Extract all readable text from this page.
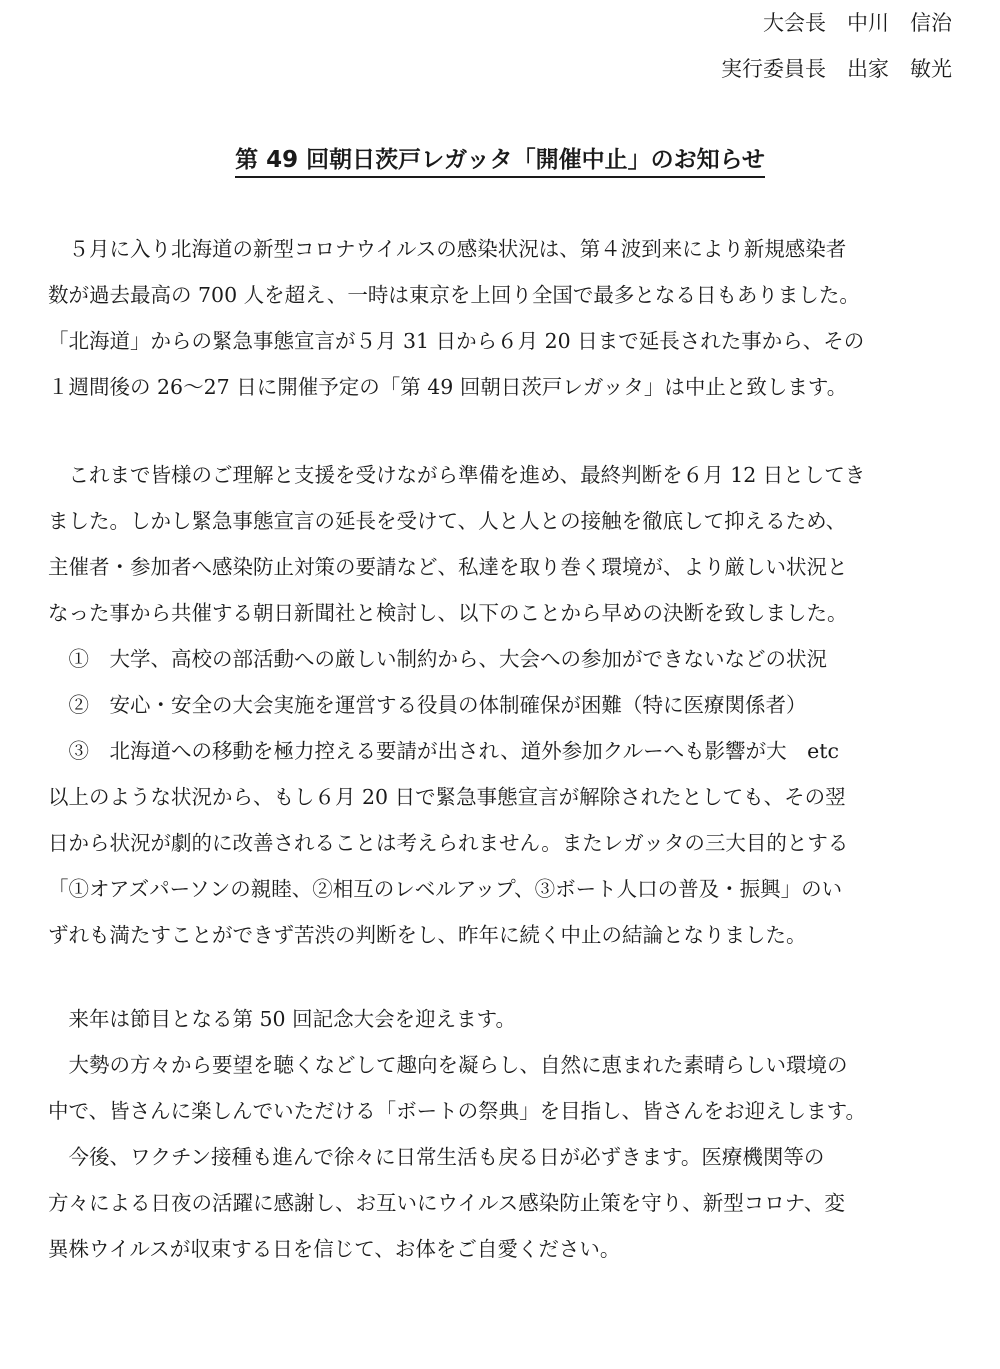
大会長　中川　信治
実行委員長　出家　敏光
第 49 回朝日茨戸レガッタ「開催中止」のお知らせ
　５月に入り北海道の新型コロナウイルスの感染状況は、第４波到来により新規感染者
数が過去最高の 700 人を超え、一時は東京を上回り全国で最多となる日もありました。
「北海道」からの緊急事態宣言が５月 31 日から６月 20 日まで延長された事から、その
１週間後の 26〜27 日に開催予定の「第 49 回朝日茨戸レガッタ」は中止と致します。
　これまで皆様のご理解と支援を受けながら準備を進め、最終判断を６月 12 日としてき
ました。しかし緊急事態宣言の延長を受けて、人と人との接触を徹底して抑えるため、
主催者・参加者へ感染防止対策の要請など、私達を取り巻く環境が、より厳しい状況と
なった事から共催する朝日新聞社と検討し、以下のことから早めの決断を致しました。
　①　大学、高校の部活動への厳しい制約から、大会への参加ができないなどの状況
　②　安心・安全の大会実施を運営する役員の体制確保が困難（特に医療関係者）
　③　北海道への移動を極力控える要請が出され、道外参加クルーへも影響が大　etc
以上のような状況から、もし６月 20 日で緊急事態宣言が解除されたとしても、その翌
日から状況が劇的に改善されることは考えられません。またレガッタの三大目的とする
「①オアズパーソンの親睦、②相互のレベルアップ、③ボート人口の普及・振興」のい
ずれも満たすことができず苦渋の判断をし、昨年に続く中止の結論となりました。
　来年は節目となる第 50 回記念大会を迎えます。
　大勢の方々から要望を聴くなどして趣向を凝らし、自然に恵まれた素晴らしい環境の
中で、皆さんに楽しんでいただける「ボートの祭典」を目指し、皆さんをお迎えします。
　今後、ワクチン接種も進んで徐々に日常生活も戻る日が必ずきます。医療機関等の
方々による日夜の活躍に感謝し、お互いにウイルス感染防止策を守り、新型コロナ、変
異株ウイルスが収束する日を信じて、お体をご自愛ください。
